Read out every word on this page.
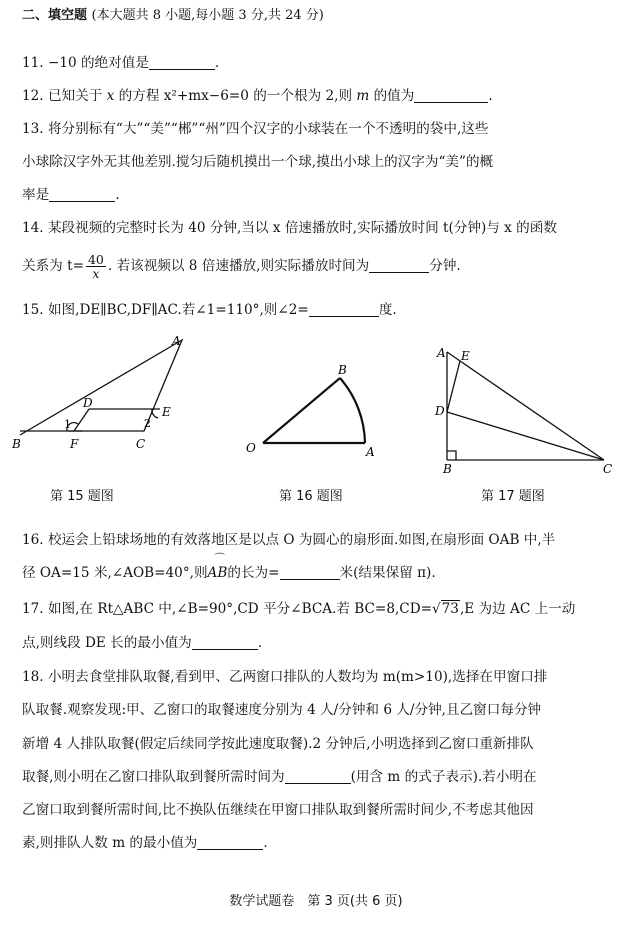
二、填空题 (本大题共 8 小题,每小题 3 分,共 24 分)
11. −10 的绝对值是	.
12. 已知关于 x 的方程 x²+mx−6=0 的一个根为 2,则 m 的值为	.
13. 将分别标有“大”“美”“郴”“州”四个汉字的小球装在一个不透明的袋中,这些
小球除汉字外无其他差别.搅匀后随机摸出一个球,摸出小球上的汉字为“美”的概
率是	.
14. 某段视频的完整时长为 40 分钟,当以 x 倍速播放时,实际播放时间 t(分钟)与 x 的函数
关系为 $t= \frac{40}{x}$ . 若该视频以 8 倍速播放,则实际播放时间为	分钟.
15. 如图,DE∥BC,DF∥AC.若∠1=110°,则∠2=	度.
A
B	C
D
E
F
1	2
第 15 题图
O	A
B
第 16 题图
A E
D
B	C
第 17 题图
16. 校运会上铅球场地的有效落地区是以点 O 为圆心的扇形面.如图,在扇形面 OAB 中,半
径 OA=15 米,∠AOB=40°,则⌒ AB的长为=	米(结果保留 π).
17. 如图,在 Rt△ABC 中,∠B=90°,CD 平分∠BCA.若 BC=8,CD=√73,E 为边 AC 上一动
点,则线段 DE 长的最小值为	.
18. 小明去食堂排队取餐,看到甲、乙两窗口排队的人数均为 m(m>10),选择在甲窗口排
队取餐.观察发现:甲、乙窗口的取餐速度分别为 4 人/分钟和 6 人/分钟,且乙窗口每分钟
新增 4 人排队取餐(假定后续同学按此速度取餐).2 分钟后,小明选择到乙窗口重新排队
取餐,则小明在乙窗口排队取到餐所需时间为	(用含 m 的式子表示).若小明在
乙窗口取到餐所需时间,比不换队伍继续在甲窗口排队取到餐所需时间少,不考虑其他因
素,则排队人数 m 的最小值为	.
数学试题卷　第 3 页(共 6 页)
